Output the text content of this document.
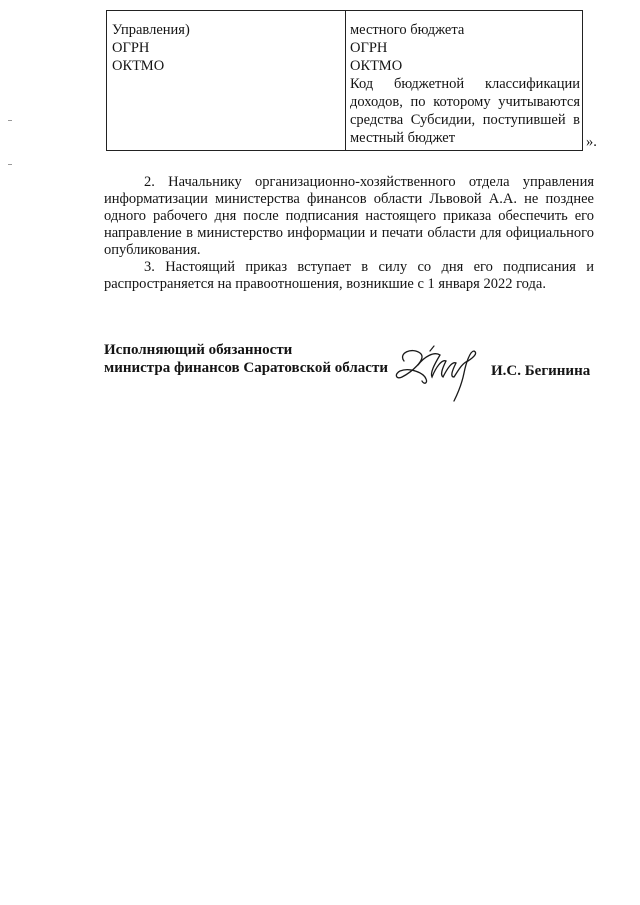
Управления)
ОГРН
ОКТМО
местного бюджета
ОГРН
ОКТМО
Код бюджетной классификации доходов, по которому учитываются средства Субсидии, поступившей в местный бюджет	».

2. Начальнику организационно-хозяйственного отдела управления информатизации министерства финансов области Львовой А.А. не позднее одного рабочего дня после подписания настоящего приказа обеспечить его направление в министерство информации и печати области для официального опубликования.

3. Настоящий приказ вступает в силу со дня его подписания и распространяется на правоотношения, возникшие с 1 января 2022 года.

Исполняющий обязанности
министра финансов Саратовской области	И.С. Бегинина
